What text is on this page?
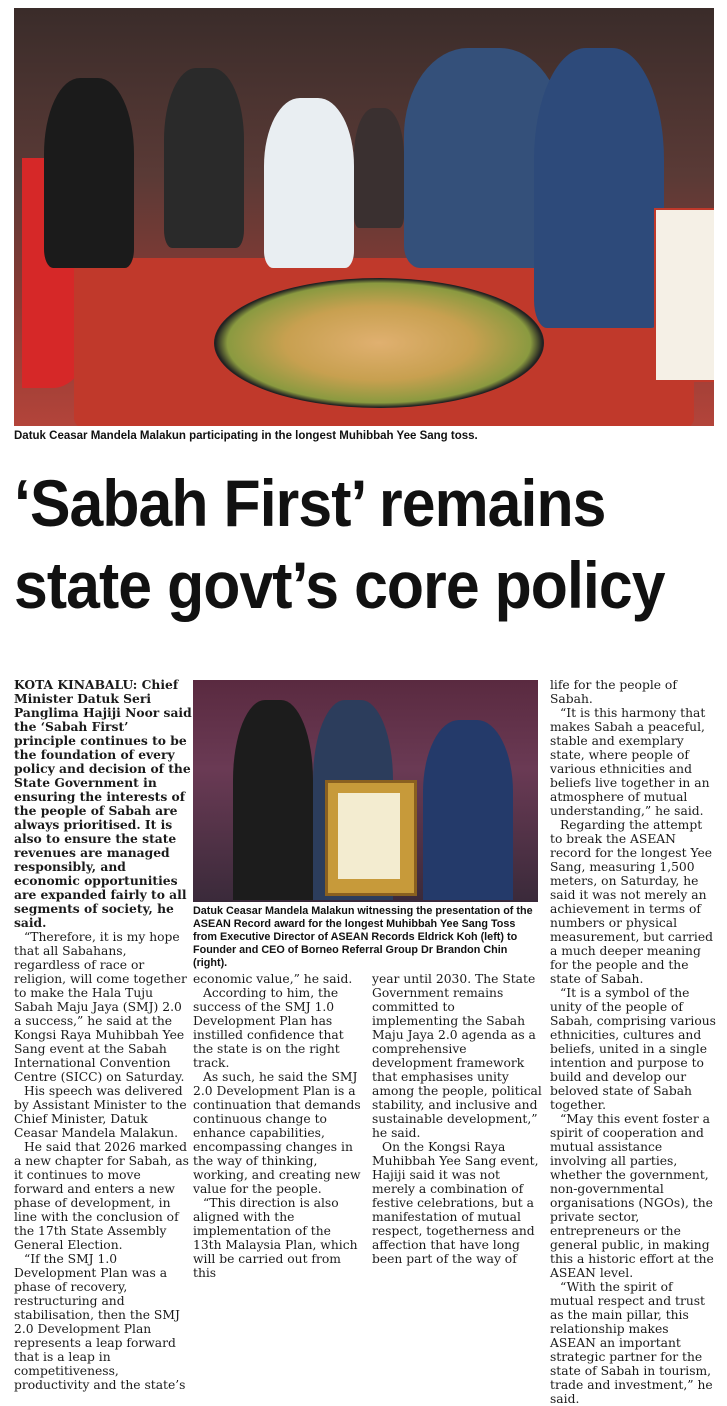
Datuk Ceasar Mandela Malakun participating in the longest Muhibbah Yee Sang toss.
‘Sabah First’ remains
state govt’s core policy

KOTA KINABALU: Chief Minister Datuk Seri Panglima Hajiji Noor said the ‘Sabah First’ principle continues to be the foundation of every policy and decision of the State Government in ensuring the interests of the people of Sabah are always prioritised. It is also to ensure the state revenues are managed responsibly, and economic opportunities are expanded fairly to all segments of society, he said.

“Therefore, it is my hope that all Sabahans, regardless of race or religion, will come together to make the Hala Tuju Sabah Maju Jaya (SMJ) 2.0 a success,” he said at the Kongsi Raya Muhibbah Yee Sang event at the Sabah International Convention Centre (SICC) on Saturday.

His speech was delivered by Assistant Minister to the Chief Minister, Datuk Ceasar Mandela Malakun.

He said that 2026 marked a new chapter for Sabah, as it continues to move forward and enters a new phase of development, in line with the conclusion of the 17th State Assembly General Election.

“If the SMJ 1.0 Development Plan was a phase of recovery, restructuring and stabilisation, then the SMJ 2.0 Development Plan represents a leap forward that is a leap in competitiveness, productivity and the state’s

Datuk Ceasar Mandela Malakun witnessing the presentation of the ASEAN Record award for the longest Muhibbah Yee Sang Toss from Executive Director of ASEAN Records Eldrick Koh (left) to Founder and CEO of Borneo Referral Group Dr Brandon Chin (right).

economic value,” he said.

According to him, the success of the SMJ 1.0 Development Plan has instilled confidence that the state is on the right track.

As such, he said the SMJ 2.0 Development Plan is a continuation that demands continuous change to enhance capabilities, encompassing changes in the way of thinking, working, and creating new value for the people.

“This direction is also aligned with the implementation of the 13th Malaysia Plan, which will be carried out from this

year until 2030. The State Government remains committed to implementing the Sabah Maju Jaya 2.0 agenda as a comprehensive development framework that emphasises unity among the people, political stability, and inclusive and sustainable development,” he said.

On the Kongsi Raya Muhibbah Yee Sang event, Hajiji said it was not merely a combination of festive celebrations, but a manifestation of mutual respect, togetherness and affection that have long been part of the way of

life for the people of Sabah.

“It is this harmony that makes Sabah a peaceful, stable and exemplary state, where people of various ethnicities and beliefs live together in an atmosphere of mutual understanding,” he said.

Regarding the attempt to break the ASEAN record for the longest Yee Sang, measuring 1,500 meters, on Saturday, he said it was not merely an achievement in terms of numbers or physical measurement, but carried a much deeper meaning for the people and the state of Sabah.

“It is a symbol of the unity of the people of Sabah, comprising various ethnicities, cultures and beliefs, united in a single intention and purpose to build and develop our beloved state of Sabah together.

“May this event foster a spirit of cooperation and mutual assistance involving all parties, whether the government, non-governmental organisations (NGOs), the private sector, entrepreneurs or the general public, in making this a historic effort at the ASEAN level.

“With the spirit of mutual respect and trust as the main pillar, this relationship makes ASEAN an important strategic partner for the state of Sabah in tourism, trade and investment,” he said.
